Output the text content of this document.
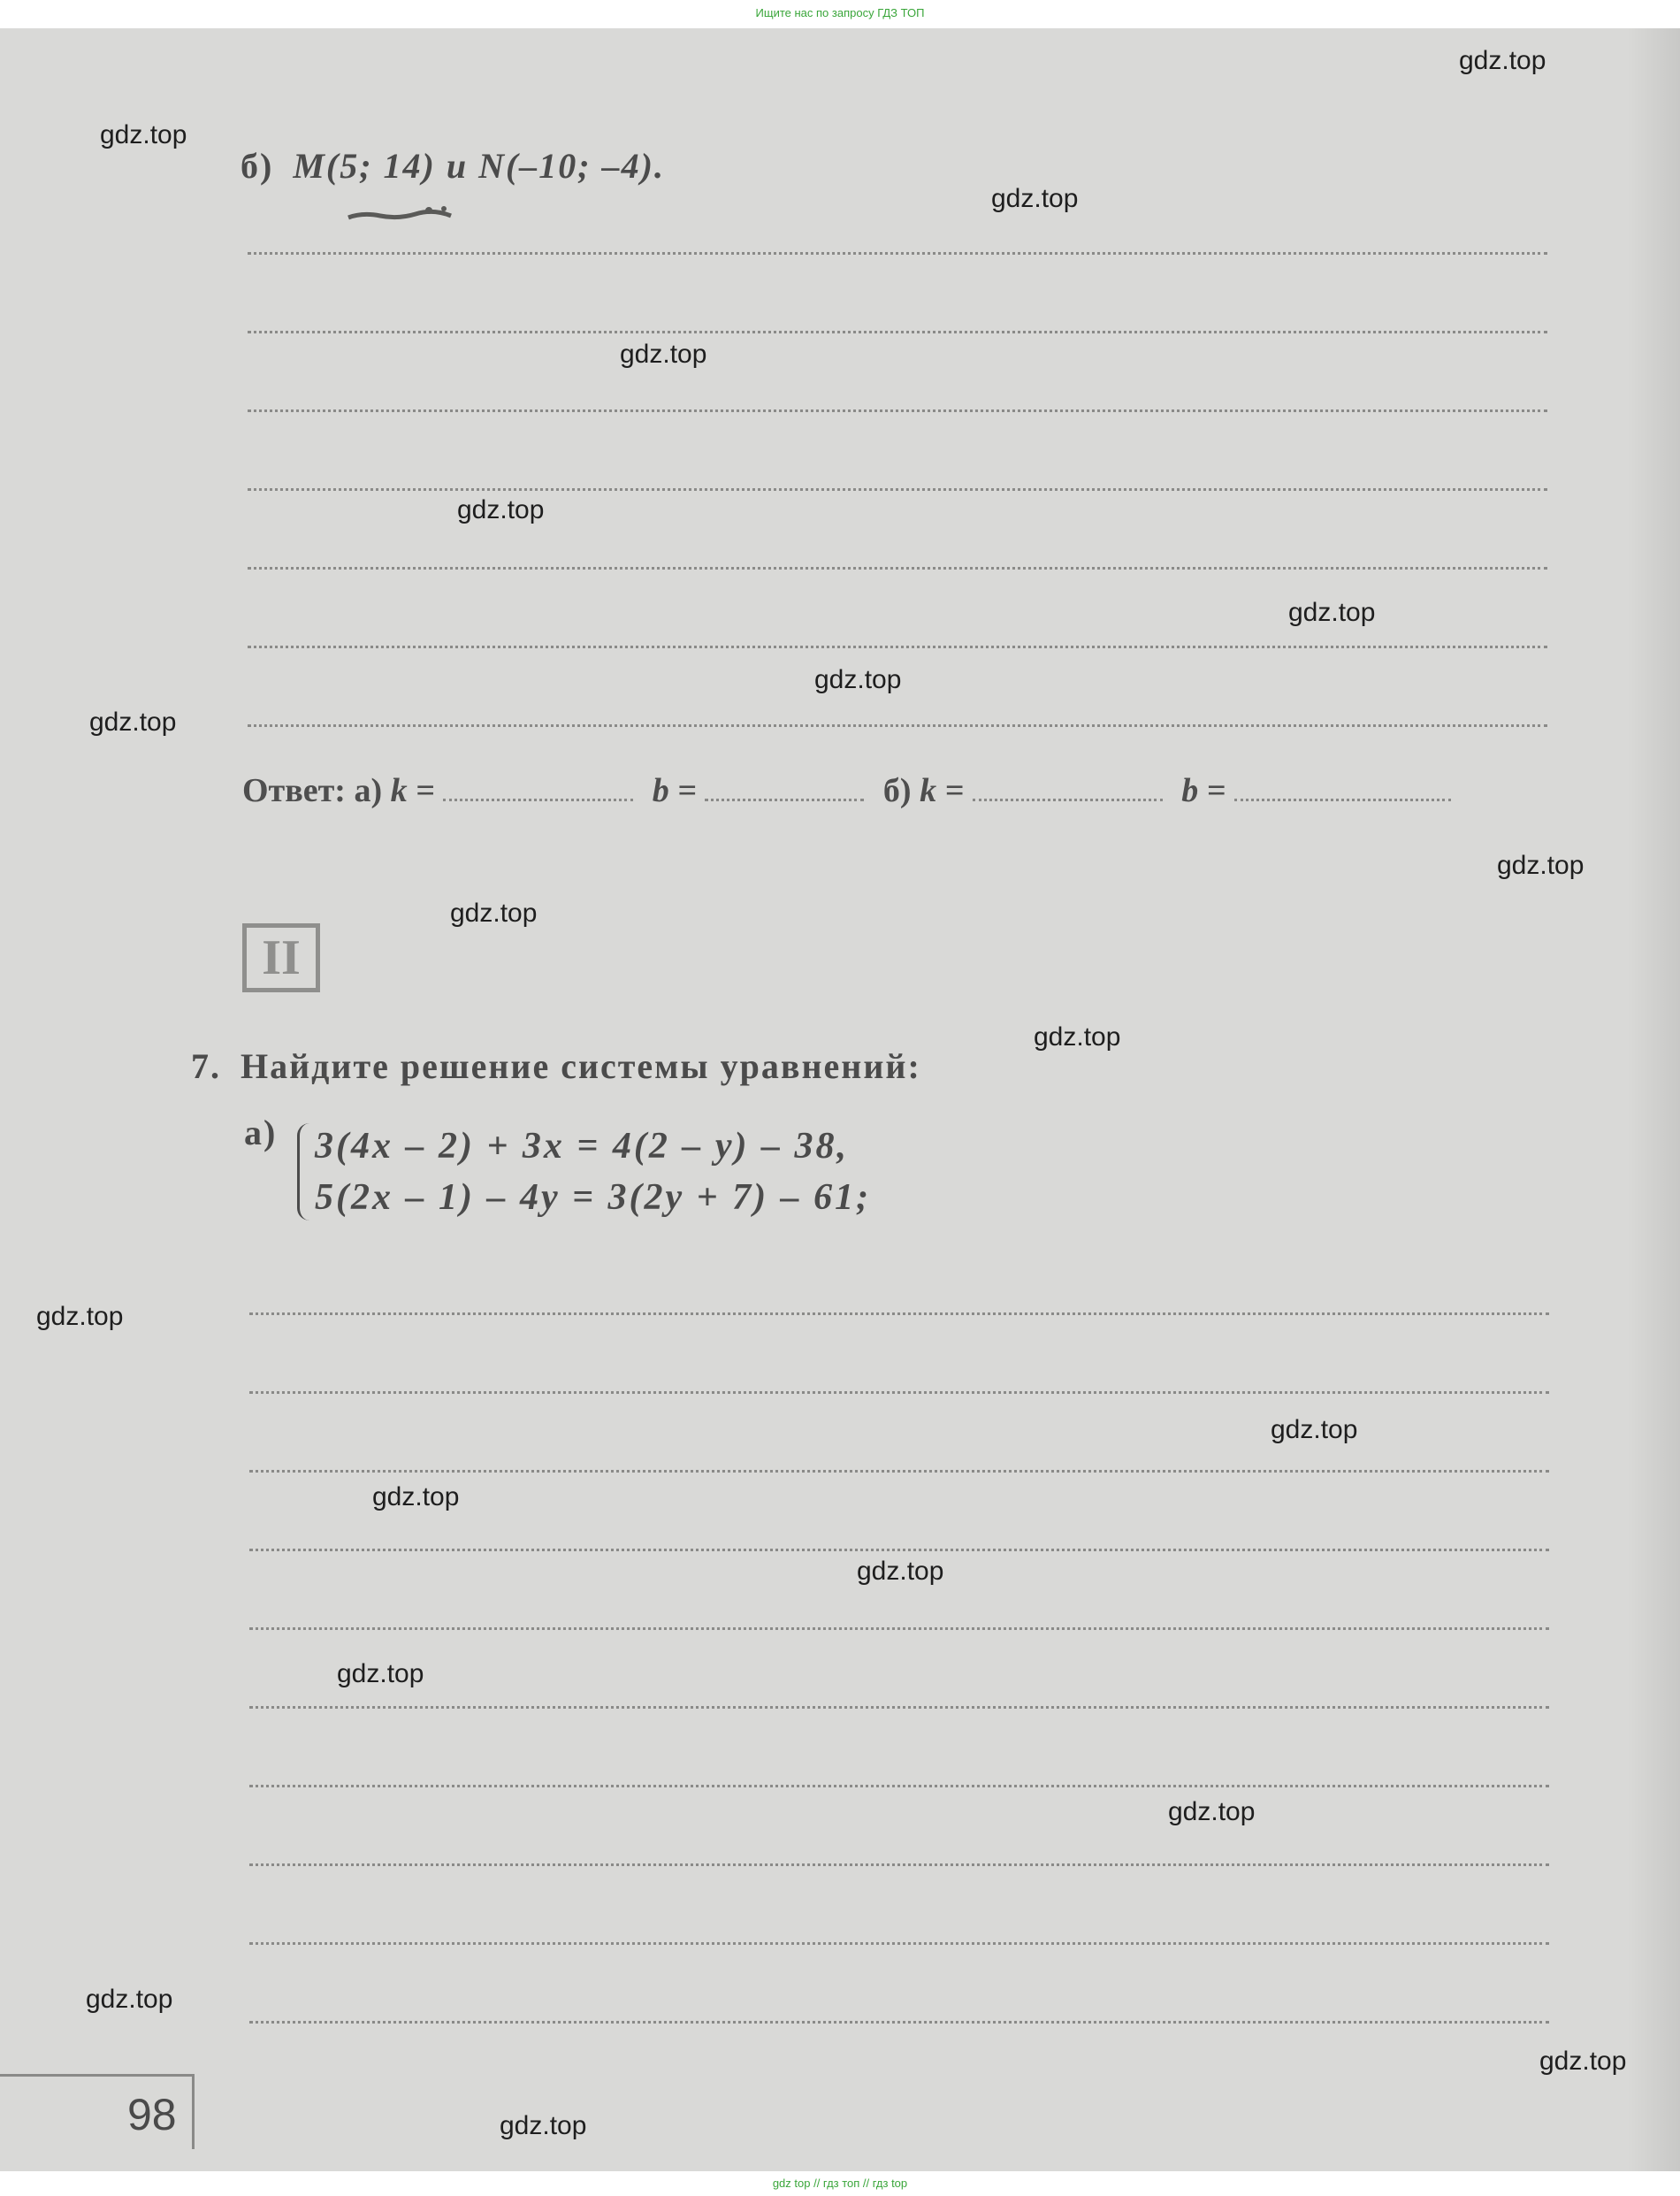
Ищите нас по запросу ГДЗ ТОП
б) M(5; 14) и N(–10; –4).
Ответ: а) k =	b =	б) k =	b =
II
7. Найдите решение системы уравнений:
а) 3(4x – 2) + 3x = 4(2 – y) – 38,
5(2x – 1) – 4y = 3(2y + 7) – 61;
98
gdz.top
gdz.top
gdz.top
gdz.top
gdz.top
gdz.top
gdz.top
gdz.top
gdz.top
gdz.top
gdz.top
gdz.top
gdz.top
gdz.top
gdz.top
gdz.top
gdz.top
gdz.top
gdz.top
gdz.top
gdz top // гдз топ // гдз top
